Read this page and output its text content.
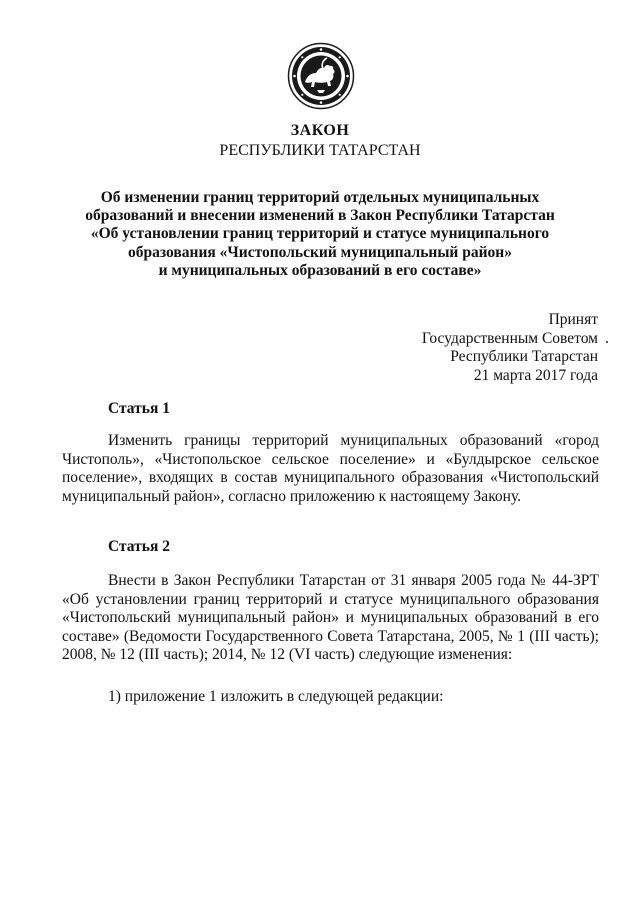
ЗАКОН
РЕСПУБЛИКИ ТАТАРСТАН
Об изменении границ территорий отдельных муниципальных
образований и внесении изменений в Закон Республики Татарстан
«Об установлении границ территорий и статусе муниципального
образования «Чистопольский муниципальный район»
и муниципальных образований в его составе»
Принят
Государственным Советом
Республики Татарстан
21 марта 2017 года
Статья 1
Изменить границы территорий муниципальных образований «город
Чистополь», «Чистопольское сельское поселение» и «Булдырское сельское
поселение», входящих в состав муниципального образования «Чистопольский
муниципальный район», согласно приложению к настоящему Закону.
Статья 2
Внести в Закон Республики Татарстан от 31 января 2005 года № 44-ЗРТ
«Об установлении границ территорий и статусе муниципального образования
«Чистопольский муниципальный район» и муниципальных образований в его
составе» (Ведомости Государственного Совета Татарстана, 2005, № 1 (III часть);
2008, № 12 (III часть); 2014, № 12 (VI часть) следующие изменения:
1) приложение 1 изложить в следующей редакции:
